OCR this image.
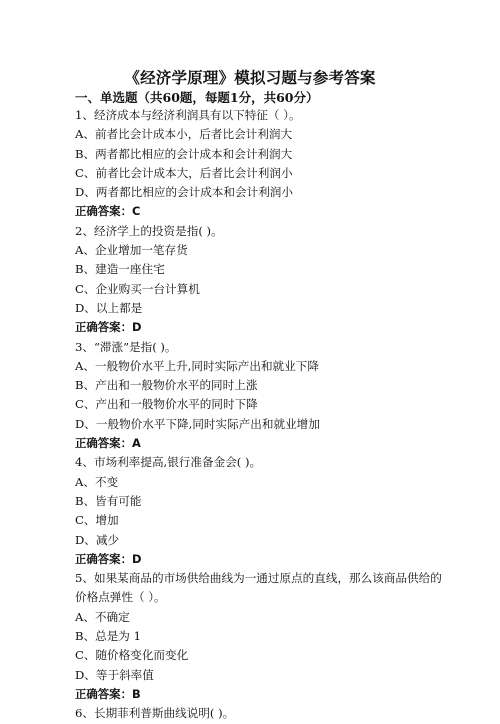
《经济学原理》模拟习题与参考答案
一、单选题（共60题，每题1分，共60分）
1、经济成本与经济利润具有以下特征（ ）。
A、前者比会计成本小，后者比会计利润大
B、两者都比相应的会计成本和会计利润大
C、前者比会计成本大，后者比会计利润小
D、两者都比相应的会计成本和会计利润小
正确答案：C
2、经济学上的投资是指( )。
A、企业增加一笔存货
B、建造一座住宅
C、企业购买一台计算机
D、以上都是
正确答案：D
3、“滞涨”是指( )。
A、一般物价水平上升,同时实际产出和就业下降
B、产出和一般物价水平的同时上涨
C、产出和一般物价水平的同时下降
D、一般物价水平下降,同时实际产出和就业增加
正确答案：A
4、市场利率提高,银行准备金会( )。
A、不变
B、皆有可能
C、增加
D、减少
正确答案：D
5、如果某商品的市场供给曲线为一通过原点的直线，那么该商品供给的
价格点弹性（ ）。
A、不确定
B、总是为 1
C、随价格变化而变化
D、等于斜率值
正确答案：B
6、长期菲利普斯曲线说明( )。
